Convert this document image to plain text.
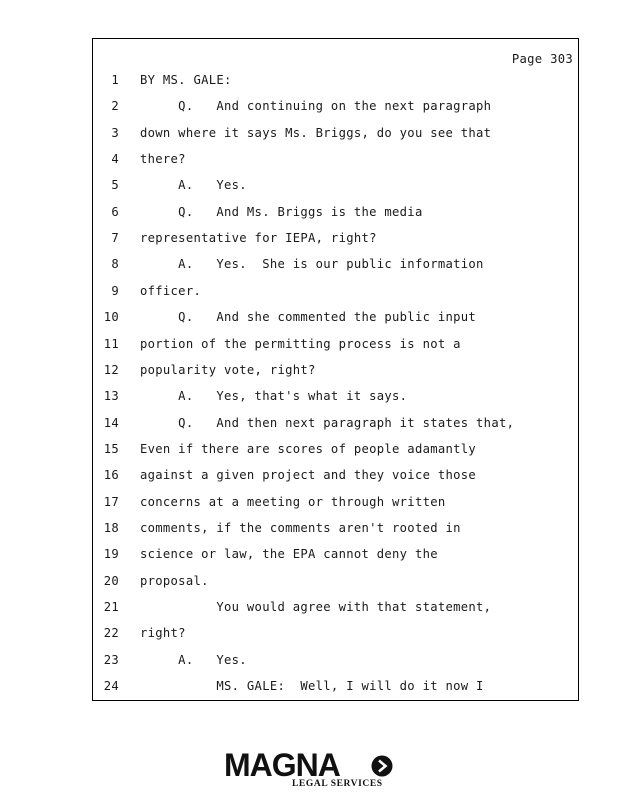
Page 303
1 BY MS. GALE:
2 Q.   And continuing on the next paragraph
3 down where it says Ms. Briggs, do you see that
4 there?
5 A.   Yes.
6 Q.   And Ms. Briggs is the media
7 representative for IEPA, right?
8 A.   Yes.  She is our public information
9 officer.
10 Q.   And she commented the public input
11 portion of the permitting process is not a
12 popularity vote, right?
13 A.   Yes, that's what it says.
14 Q.   And then next paragraph it states that,
15 Even if there are scores of people adamantly
16 against a given project and they voice those
17 concerns at a meeting or through written
18 comments, if the comments aren't rooted in
19 science or law, the EPA cannot deny the
20 proposal.
21 You would agree with that statement,
22 right?
23 A.   Yes.
24 MS. GALE:  Well, I will do it now I
MAGNA
LEGAL SERVICES
